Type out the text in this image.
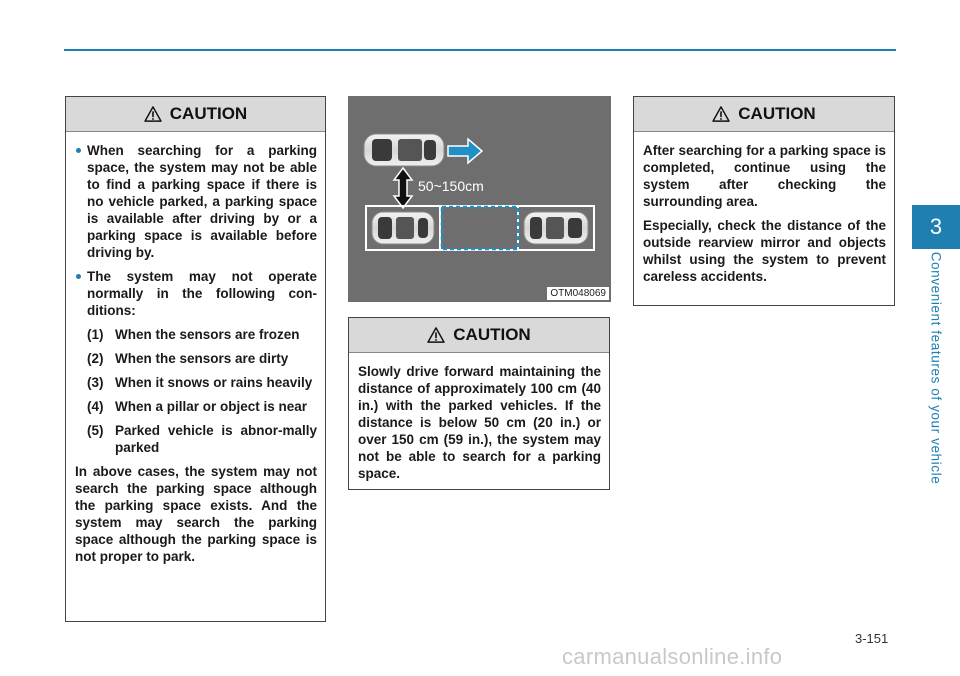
3
Convenient features of your vehicle
CAUTION

When searching for a parking space, the system may not be able to find a parking space if there is no vehicle parked, a parking space is available after driving by or a parking space is available before driving by.

The system may not operate normally in the following con-ditions:

(1) When the sensors are frozen
(2) When the sensors are dirty
(3) When it snows or rains heavily
(4) When a pillar or object is near
(5) Parked vehicle is abnor-mally parked

In above cases, the system may not search the parking space although the parking space exists. And the system may search the parking space although the parking space is not proper to park.

50~150cm
OTM048069
CAUTION

Slowly drive forward maintaining the distance of approximately 100 cm (40 in.) with the parked vehicles. If the distance is below 50 cm (20 in.) or over 150 cm (59 in.), the system may not be able to search for a parking space.

CAUTION

After searching for a parking space is completed, continue using the system after checking the surrounding area.

Especially, check the distance of the outside rearview mirror and objects whilst using the system to prevent careless accidents.

3-151
carmanualsonline.info
